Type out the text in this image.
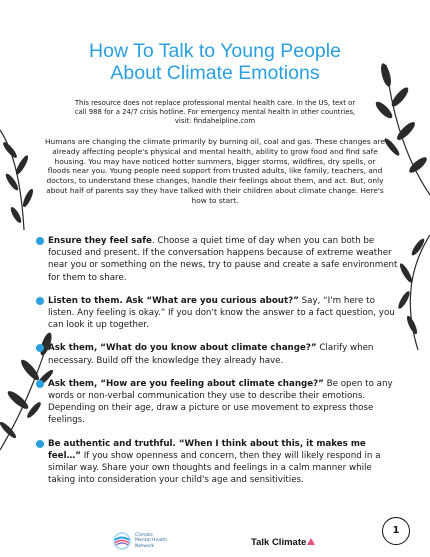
How To Talk to Young People
About Climate Emotions
This resource does not replace professional mental health care. In the US, text or
call 988 for a 24/7 crisis hotline. For emergency mental health in other countries,
visit: findahelpline.com
Humans are changing the climate primarily by burning oil, coal and gas. These changes are already affecting people's physical and mental health, ability to grow food and find safe housing. You may have noticed hotter summers, bigger storms, wildfires, dry spells, or floods near you. Young people need support from trusted adults, like family, teachers, and doctors, to understand these changes, handle their feelings about them, and act. But, only about half of parents say they have talked with their children about climate change. Here's how to start.
Ensure they feel safe. Choose a quiet time of day when you can both be focused and present. If the conversation happens because of extreme weather near you or something on the news, try to pause and create a safe environment for them to share.
Listen to them. Ask “What are you curious about?” Say, “I'm here to listen. Any feeling is okay.” If you don't know the answer to a fact question, you can look it up together.
Ask them, “What do you know about climate change?” Clarify when necessary. Build off the knowledge they already have.
Ask them, “How are you feeling about climate change?” Be open to any words or non-verbal communication they use to describe their emotions. Depending on their age, draw a picture or use movement to express those feelings.
Be authentic and truthful. “When I think about this, it makes me feel…” If you show openness and concern, then they will likely respond in a similar way. Share your own thoughts and feelings in a calm manner while taking into consideration your child's age and sensitivities.
Climate
Mental Health
Network	Talk Climate
1
